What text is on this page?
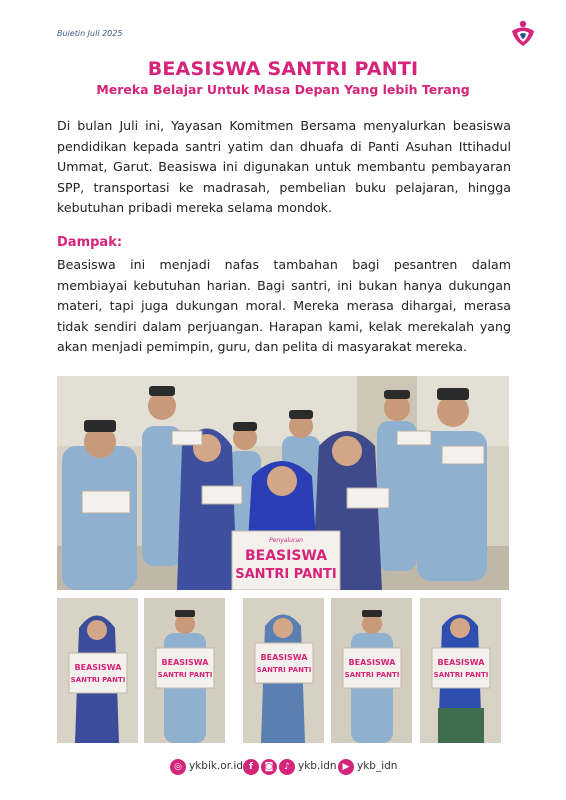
Buletin Juli 2025
BEASISWA SANTRI PANTI
Mereka Belajar Untuk Masa Depan Yang lebih Terang

Di bulan Juli ini, Yayasan Komitmen Bersama menyalurkan beasiswa pendidikan kepada santri yatim dan dhuafa di Panti Asuhan Ittihadul Ummat, Garut. Beasiswa ini digunakan untuk membantu pembayaran SPP, transportasi ke madrasah, pembelian buku pelajaran, hingga kebutuhan pribadi mereka selama mondok.

Dampak:

Beasiswa ini menjadi nafas tambahan bagi pesantren dalam membiayai kebutuhan harian. Bagi santri, ini bukan hanya dukungan materi, tapi juga dukungan moral. Mereka merasa dihargai, merasa tidak sendiri dalam perjuangan. Harapan kami, kelak merekalah yang akan menjadi pemimpin, guru, dan pelita di masyarakat mereka.

Penyaluran
BEASISWA
SANTRI PANTI
BEASISWA
SANTRI PANTI
BEASISWA
SANTRI PANTI
BEASISWA
SANTRI PANTI
BEASISWA
SANTRI PANTI
BEASISWA
SANTRI PANTI
◎ ykbik.or.id f	◙	♪ ykb.idn ▶ ykb_idn
